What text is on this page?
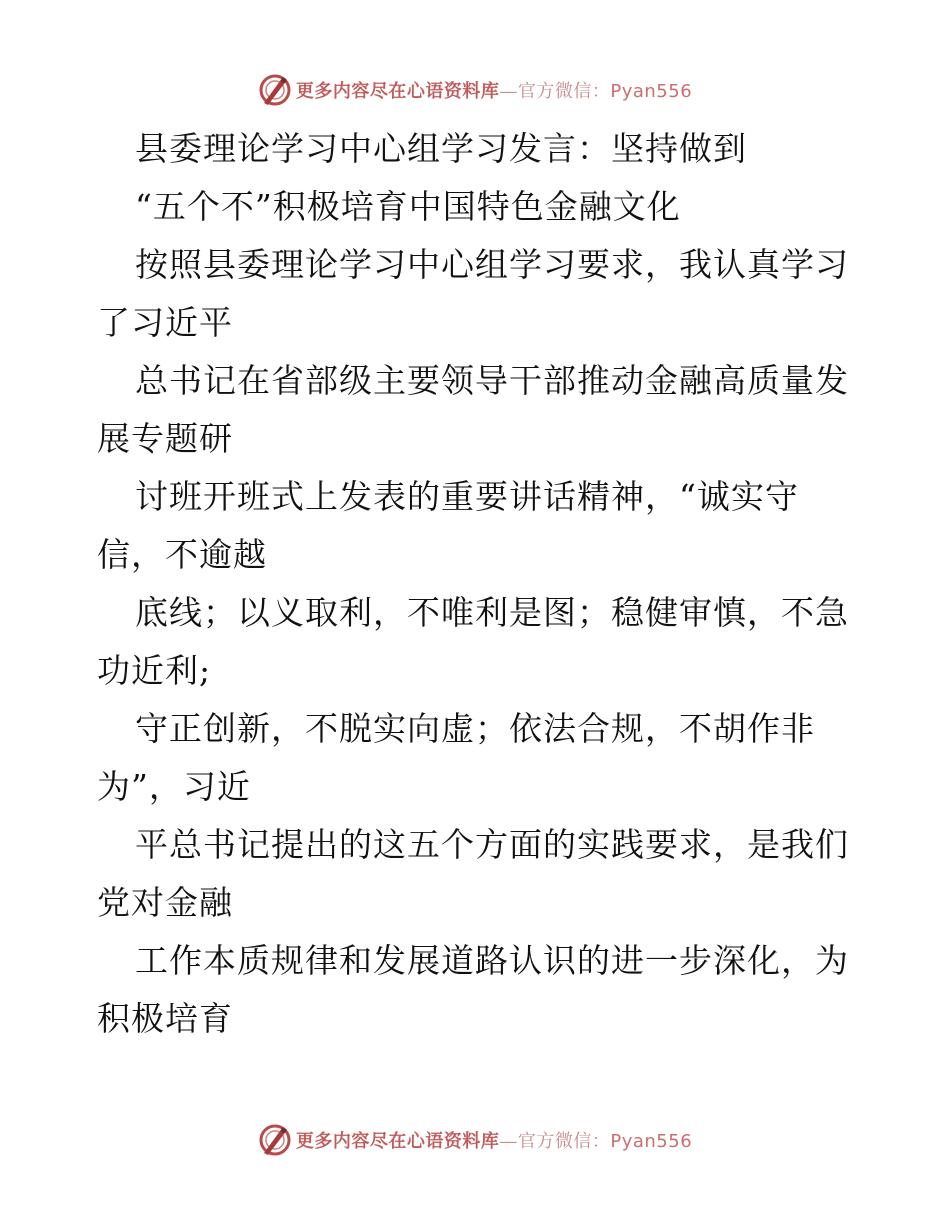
更多内容尽在心语资料库—官方微信：Pyan556
县委理论学习中心组学习发言：坚持做到
“五个不”积极培育中国特色金融文化
按照县委理论学习中心组学习要求，我认真学习
了习近平
总书记在省部级主要领导干部推动金融高质量发
展专题研
讨班开班式上发表的重要讲话精神，“诚实守
信，不逾越
底线；以义取利，不唯利是图；稳健审慎，不急
功近利;
守正创新，不脱实向虚；依法合规，不胡作非
为”，习近
平总书记提出的这五个方面的实践要求，是我们
党对金融
工作本质规律和发展道路认识的进一步深化，为
积极培育
更多内容尽在心语资料库—官方微信：Pyan556
